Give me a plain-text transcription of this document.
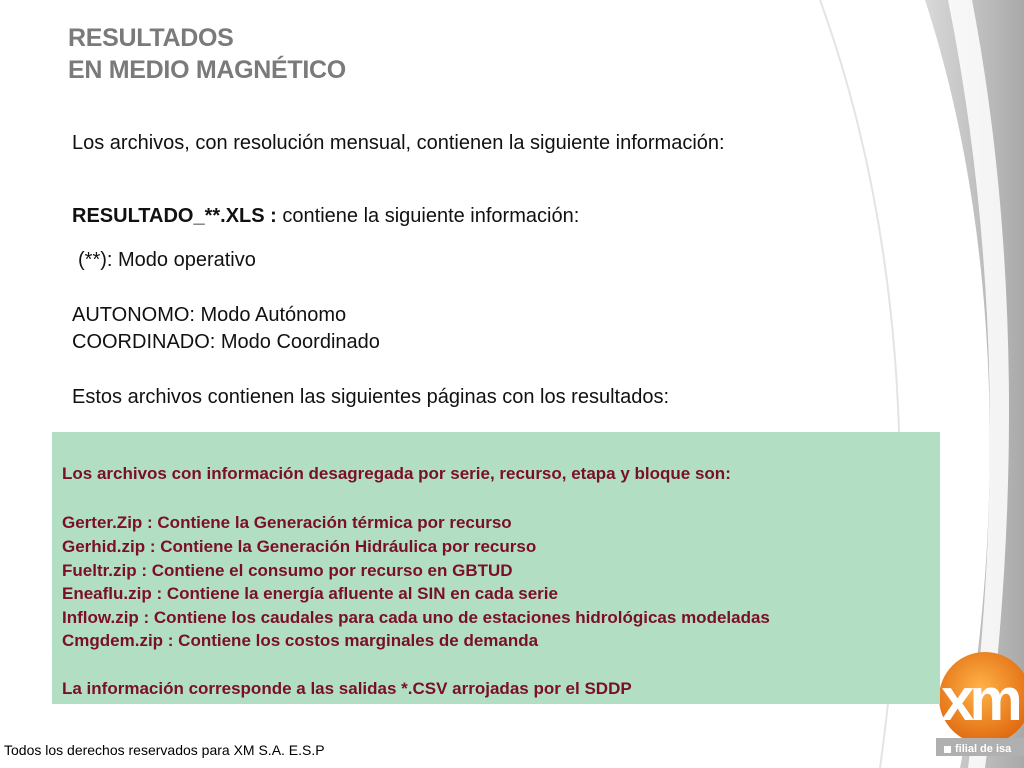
RESULTADOS
EN MEDIO MAGNÉTICO

Los archivos, con resolución mensual, contienen la siguiente información:

RESULTADO_**.XLS : contiene la siguiente información:

(**): Modo operativo

AUTONOMO: Modo Autónomo

COORDINADO: Modo Coordinado

Estos archivos contienen las siguientes páginas con los resultados:

Los archivos con información desagregada por serie, recurso, etapa y bloque son:

Gerter.Zip : Contiene la Generación térmica por recurso

Gerhid.zip : Contiene la Generación Hidráulica por recurso

Fueltr.zip : Contiene el consumo por recurso en GBTUD

Eneaflu.zip : Contiene la energía afluente al SIN en cada serie

Inflow.zip : Contiene los caudales para cada uno de estaciones hidrológicas modeladas

Cmgdem.zip : Contiene los costos marginales de demanda

La información corresponde a las salidas *.CSV arrojadas por el SDDP

Todos los derechos reservados para XM S.A. E.S.P
xm
filial de isa
